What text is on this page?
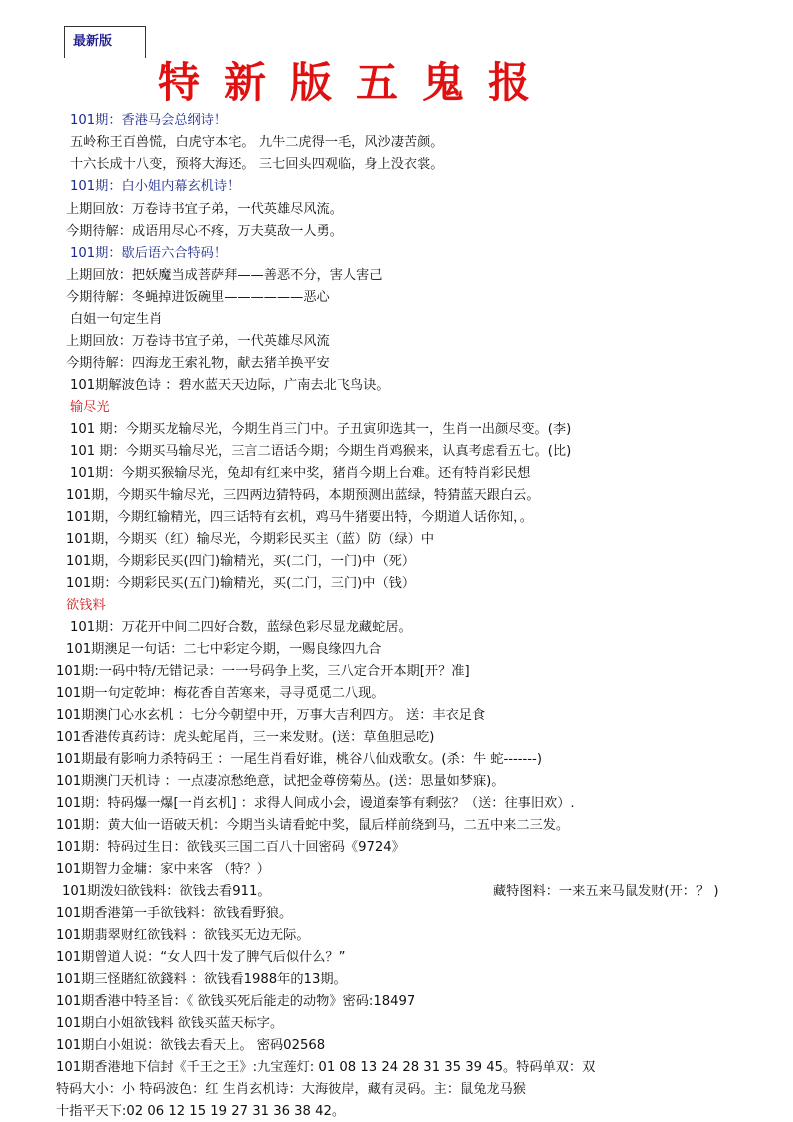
最新版
特新版五鬼报
101期：香港马会总纲诗！
五岭称王百兽慌，白虎守本宅。 九牛二虎得一毛，风沙凄苦颜。
十六长成十八变，预将大海还。 三七回头四观临，身上没衣裳。
101期：白小姐内幕玄机诗！
上期回放：万卷诗书宜子弟，一代英雄尽风流。
今期待解：成语用尽心不疼，万夫莫敌一人勇。
101期：歇后语六合特码！
上期回放：把妖魔当成菩萨拜——善恶不分，害人害己
今期待解：冬蝇掉进饭碗里——————恶心
白姐一句定生肖
上期回放：万卷诗书宜子弟，一代英雄尽风流
今期待解：四海龙王索礼物，献去猪羊换平安
101期解波色诗 ：碧水蓝天天边际，广南去北飞鸟诀。
输尽光
101 期：今期买龙输尽光，今期生肖三门中。子丑寅卯选其一，生肖一出颜尽变。(李)
101 期：今期买马输尽光，三言二语话今期；今期生肖鸡猴来，认真考虑看五七。(比)
101期：今期买猴输尽光，兔却有红来中奖，猪肖今期上台难。还有特肖彩民想
101期，今期买牛输尽光，三四两边猜特码，本期预测出蓝绿，特猜蓝天跟白云。
101期，今期红输精光，四三话特有玄机，鸡马牛猪要出特，今期道人话你知，。
101期，今期买（红）输尽光，今期彩民买主（蓝）防（绿）中
101期，今期彩民买(四门)输精光，买(二门，一门)中（死）
101期：今期彩民买(五门)输精光，买(二门，三门)中（钱）
欲钱料
101期：万花开中间二四好合数，蓝绿色彩尽显龙藏蛇居。
101期澳足一句话：二七中彩定今期，一赐良缘四九合
101期:一码中特/无错记录：一一号码争上奖，三八定合开本期[开？准]
101期一句定乾坤：梅花香自苦寒来，寻寻觅觅二八现。
101期澳门心水玄机 ：七分今朝望中开，万事大吉利四方。 送：丰衣足食
101香港传真药诗：虎头蛇尾肖，三一来发财。(送：草鱼胆忌吃)
101期最有影响力杀特码王 ：一尾生肖看好谁，桃谷八仙戏歌女。(杀：牛 蛇-------)
101期澳门天机诗 ：一点凄凉愁绝意，试把金尊傍菊丛。(送：思量如梦寐)。
101期：特码爆一爆[一肖玄机] ：求得人间成小会，谩道秦筝有剩弦？（送：往事旧欢）.
101期：黄大仙一语破天机：今期当头请看蛇中奖，鼠后样前绕到马，二五中来二三发。
101期：特码过生日：欲钱买三国二百八十回密码《9724》
101期智力金墉：家中来客 （特？）
101期泼妇欲钱料：欲钱去看911。	藏特图料：一来五来马鼠发财(开：？ )
101期香港第一手欲钱料：欲钱看野狼。
101期翡翠财红欲钱料 ：欲钱买无边无际。
101期曾道人说：“女人四十发了脾气后似什么？”
101期三怪賭紅欲錢料 ：欲钱看1988年的13期。
101期香港中特圣旨：《 欲钱买死后能走的动物》密码:18497
101期白小姐欲钱料 欲钱买蓝天标字。
101期白小姐说：欲钱去看天上。 密码02568
101期香港地下信封《千王之王》:九宝莲灯: 01 08 13 24 28 31 35 39 45。特码单双：双
特码大小：小 特码波色：红 生肖玄机诗：大海彼岸，藏有灵码。主：鼠兔龙马猴
十指平天下:02 06 12 15 19 27 31 36 38 42。
